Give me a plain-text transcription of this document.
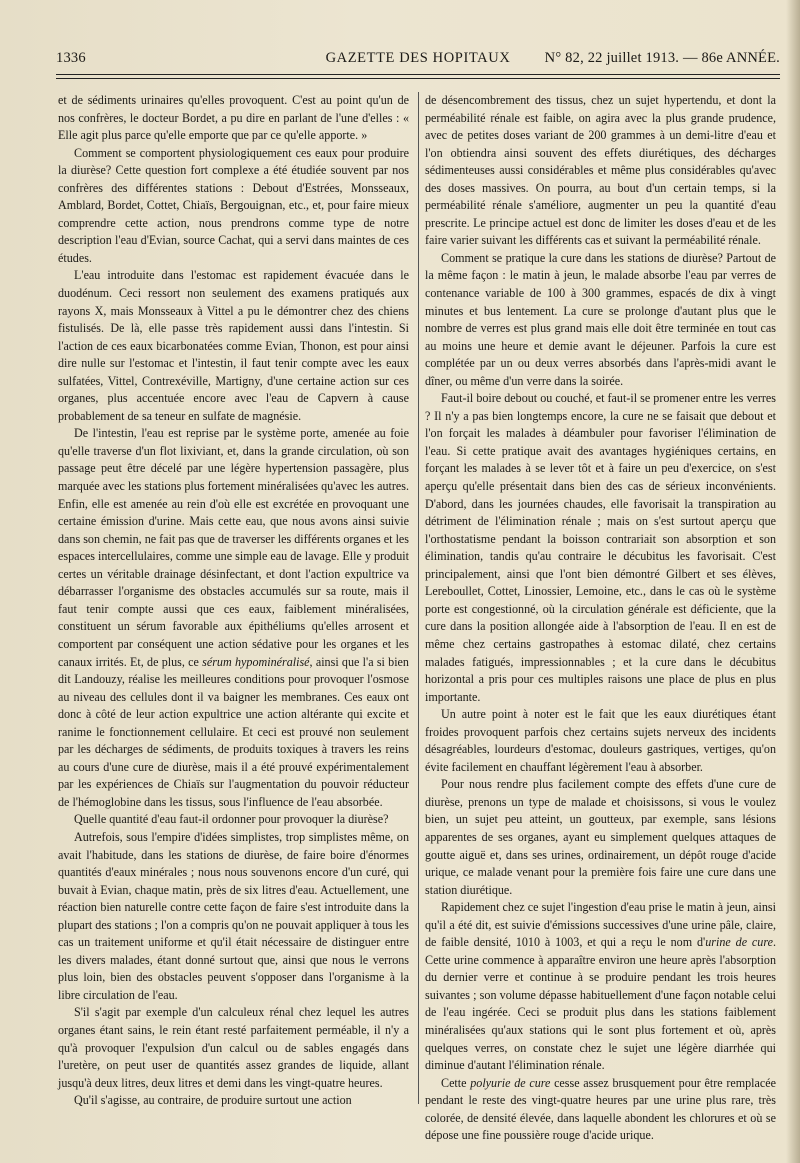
1336	GAZETTE DES HOPITAUX	N° 82, 22 juillet 1913. — 86e ANNÉE.

et de sédiments urinaires qu'elles provoquent. C'est au point qu'un de nos confrères, le docteur Bordet, a pu dire en parlant de l'une d'elles : « Elle agit plus parce qu'elle emporte que par ce qu'elle apporte. »

Comment se comportent physiologiquement ces eaux pour produire la diurèse? Cette question fort complexe a été étudiée souvent par nos confrères des différentes stations : Debout d'Estrées, Monsseaux, Amblard, Bordet, Cottet, Chiaïs, Bergouignan, etc., et, pour faire mieux comprendre cette action, nous prendrons comme type de notre description l'eau d'Evian, source Cachat, qui a servi dans maintes de ces études.

L'eau introduite dans l'estomac est rapidement évacuée dans le duodénum. Ceci ressort non seulement des examens pratiqués aux rayons X, mais Monsseaux à Vittel a pu le démontrer chez des chiens fistulisés. De là, elle passe très rapidement aussi dans l'intestin. Si l'action de ces eaux bicarbonatées comme Evian, Thonon, est pour ainsi dire nulle sur l'estomac et l'intestin, il faut tenir compte avec les eaux sulfatées, Vittel, Contrexéville, Martigny, d'une certaine action sur ces organes, plus accentuée encore avec l'eau de Capvern à cause probablement de sa teneur en sulfate de magnésie.

De l'intestin, l'eau est reprise par le système porte, amenée au foie qu'elle traverse d'un flot lixiviant, et, dans la grande circulation, où son passage peut être décelé par une légère hypertension passagère, plus marquée avec les stations plus fortement minéralisées qu'avec les autres. Enfin, elle est amenée au rein d'où elle est excrétée en provoquant une certaine émission d'urine. Mais cette eau, que nous avons ainsi suivie dans son chemin, ne fait pas que de traverser les différents organes et les espaces intercellulaires, comme une simple eau de lavage. Elle y produit certes un véritable drainage désinfectant, et dont l'action expultrice va débarrasser l'organisme des obstacles accumulés sur sa route, mais il faut tenir compte aussi que ces eaux, faiblement minéralisées, constituent un sérum favorable aux épithéliums qu'elles arrosent et comportent par conséquent une action sédative pour les organes et les canaux irrités. Et, de plus, ce sérum hypominéralisé, ainsi que l'a si bien dit Landouzy, réalise les meilleures conditions pour provoquer l'osmose au niveau des cellules dont il va baigner les membranes. Ces eaux ont donc à côté de leur action expultrice une action altérante qui excite et ranime le fonctionnement cellulaire. Et ceci est prouvé non seulement par les décharges de sédiments, de produits toxiques à travers les reins au cours d'une cure de diurèse, mais il a été prouvé expérimentalement par les expériences de Chiaïs sur l'augmentation du pouvoir réducteur de l'hémoglobine dans les tissus, sous l'influence de l'eau absorbée.

Quelle quantité d'eau faut-il ordonner pour provoquer la diurèse?

Autrefois, sous l'empire d'idées simplistes, trop simplistes même, on avait l'habitude, dans les stations de diurèse, de faire boire d'énormes quantités d'eaux minérales ; nous nous souvenons encore d'un curé, qui buvait à Evian, chaque matin, près de six litres d'eau. Actuellement, une réaction bien naturelle contre cette façon de faire s'est introduite dans la plupart des stations ; l'on a compris qu'on ne pouvait appliquer à tous les cas un traitement uniforme et qu'il était nécessaire de distinguer entre les divers malades, étant donné surtout que, ainsi que nous le verrons plus loin, bien des obstacles peuvent s'opposer dans l'organisme à la libre circulation de l'eau.

S'il s'agit par exemple d'un calculeux rénal chez lequel les autres organes étant sains, le rein étant resté parfaitement perméable, il n'y a qu'à provoquer l'expulsion d'un calcul ou de sables engagés dans l'uretère, on peut user de quantités assez grandes de liquide, allant jusqu'à deux litres, deux litres et demi dans les vingt-quatre heures.

Qu'il s'agisse, au contraire, de produire surtout une action

de désencombrement des tissus, chez un sujet hypertendu, et dont la perméabilité rénale est faible, on agira avec la plus grande prudence, avec de petites doses variant de 200 grammes à un demi-litre d'eau et l'on obtiendra ainsi souvent des effets diurétiques, des décharges sédimenteuses aussi considérables et même plus considérables qu'avec des doses massives. On pourra, au bout d'un certain temps, si la perméabilité rénale s'améliore, augmenter un peu la quantité d'eau prescrite. Le principe actuel est donc de limiter les doses d'eau et de les faire varier suivant les différents cas et suivant la perméabilité rénale.

Comment se pratique la cure dans les stations de diurèse? Partout de la même façon : le matin à jeun, le malade absorbe l'eau par verres de contenance variable de 100 à 300 grammes, espacés de dix à vingt minutes et bus lentement. La cure se prolonge d'autant plus que le nombre de verres est plus grand mais elle doit être terminée en tout cas au moins une heure et demie avant le déjeuner. Parfois la cure est complétée par un ou deux verres absorbés dans l'après-midi avant le dîner, ou même d'un verre dans la soirée.

Faut-il boire debout ou couché, et faut-il se promener entre les verres ? Il n'y a pas bien longtemps encore, la cure ne se faisait que debout et l'on forçait les malades à déambuler pour favoriser l'élimination de l'eau. Si cette pratique avait des avantages hygiéniques certains, en forçant les malades à se lever tôt et à faire un peu d'exercice, on s'est aperçu qu'elle présentait dans bien des cas de sérieux inconvénients. D'abord, dans les journées chaudes, elle favorisait la transpiration au détriment de l'élimination rénale ; mais on s'est surtout aperçu que l'orthostatisme pendant la boisson contrariait son absorption et son élimination, tandis qu'au contraire le décubitus les favorisait. C'est principalement, ainsi que l'ont bien démontré Gilbert et ses élèves, Lereboullet, Cottet, Linossier, Lemoine, etc., dans le cas où le système porte est congestionné, où la circulation générale est déficiente, que la cure dans la position allongée aide à l'absorption de l'eau. Il en est de même chez certains gastropathes à estomac dilaté, chez certains malades fatigués, impressionnables ; et la cure dans le décubitus horizontal a pris pour ces multiples raisons une place de plus en plus importante.

Un autre point à noter est le fait que les eaux diurétiques étant froides provoquent parfois chez certains sujets nerveux des incidents désagréables, lourdeurs d'estomac, douleurs gastriques, vertiges, qu'on évite facilement en chauffant légèrement l'eau à absorber.

Pour nous rendre plus facilement compte des effets d'une cure de diurèse, prenons un type de malade et choisissons, si vous le voulez bien, un sujet peu atteint, un goutteux, par exemple, sans lésions apparentes de ses organes, ayant eu simplement quelques attaques de goutte aiguë et, dans ses urines, ordinairement, un dépôt rouge d'acide urique, ce malade venant pour la première fois faire une cure dans une station diurétique.

Rapidement chez ce sujet l'ingestion d'eau prise le matin à jeun, ainsi qu'il a été dit, est suivie d'émissions successives d'une urine pâle, claire, de faible densité, 1010 à 1003, et qui a reçu le nom d'urine de cure. Cette urine commence à apparaître environ une heure après l'absorption du dernier verre et continue à se produire pendant les trois heures suivantes ; son volume dépasse habituellement d'une façon notable celui de l'eau ingérée. Ceci se produit plus dans les stations faiblement minéralisées qu'aux stations qui le sont plus fortement et où, après quelques verres, on constate chez le sujet une légère diarrhée qui diminue d'autant l'élimination rénale.

Cette polyurie de cure cesse assez brusquement pour être remplacée pendant le reste des vingt-quatre heures par une urine plus rare, très colorée, de densité élevée, dans laquelle abondent les chlorures et où se dépose une fine poussière rouge d'acide urique.
